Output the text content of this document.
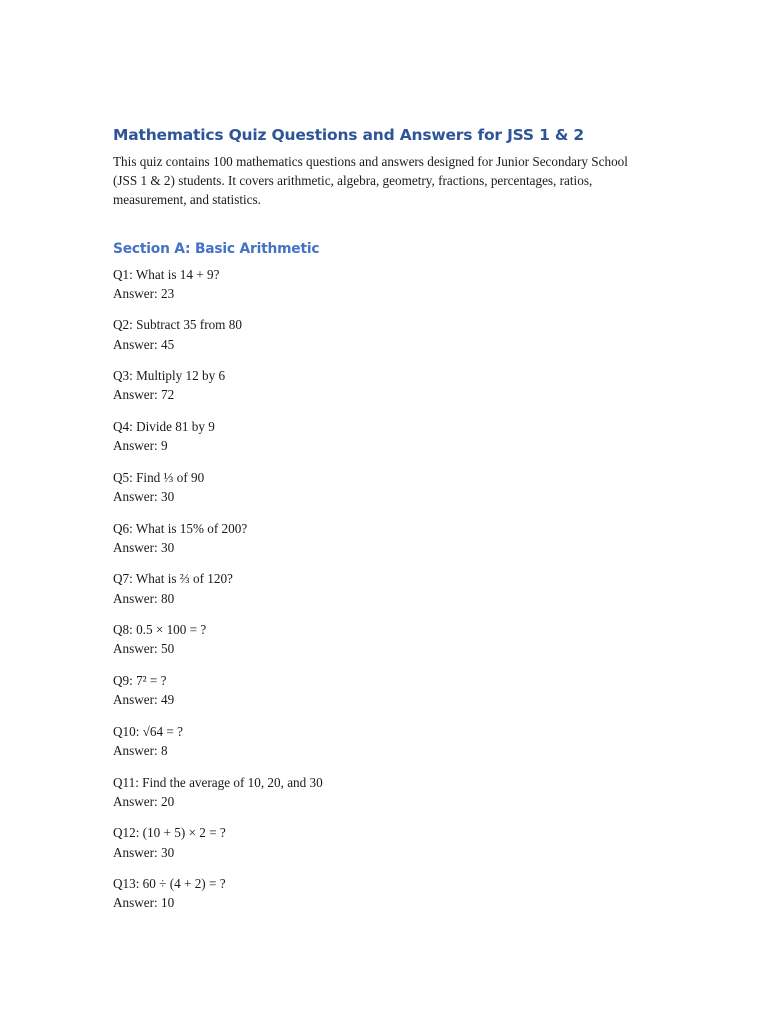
Mathematics Quiz Questions and Answers for JSS 1 & 2

This quiz contains 100 mathematics questions and answers designed for Junior Secondary School (JSS 1 & 2) students. It covers arithmetic, algebra, geometry, fractions, percentages, ratios, measurement, and statistics.

Section A: Basic Arithmetic
Q1: What is 14 + 9?
Answer: 23
Q2: Subtract 35 from 80
Answer: 45
Q3: Multiply 12 by 6
Answer: 72
Q4: Divide 81 by 9
Answer: 9
Q5: Find ⅓ of 90
Answer: 30
Q6: What is 15% of 200?
Answer: 30
Q7: What is ⅔ of 120?
Answer: 80
Q8: 0.5 × 100 = ?
Answer: 50
Q9: 7² = ?
Answer: 49
Q10: √64 = ?
Answer: 8
Q11: Find the average of 10, 20, and 30
Answer: 20
Q12: (10 + 5) × 2 = ?
Answer: 30
Q13: 60 ÷ (4 + 2) = ?
Answer: 10
